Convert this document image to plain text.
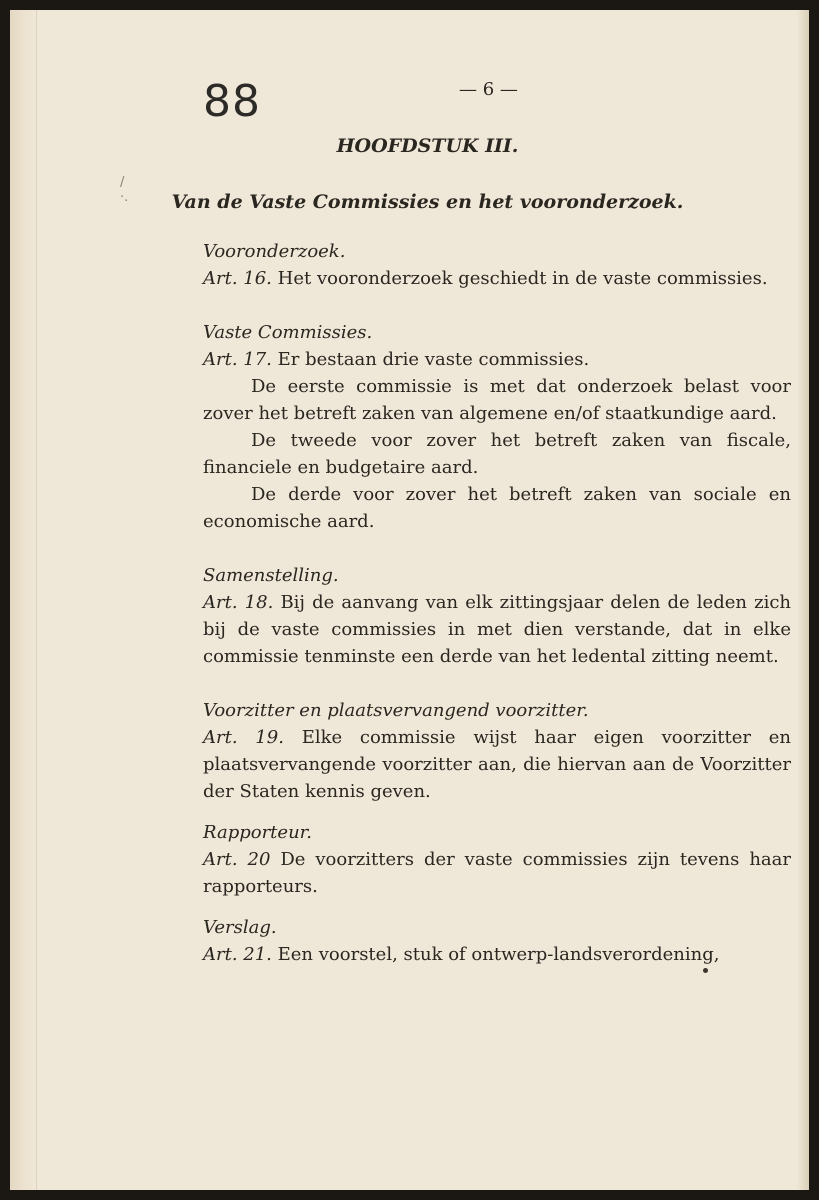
88	— 6 —

HOOFDSTUK III.
Van de Vaste Commissies en het vooronderzoek.
/
·.

Vooronderzoek.

Art. 16. Het vooronderzoek geschiedt in de vaste commissies.

Vaste Commissies.

Art. 17. Er bestaan drie vaste commissies.

De eerste commissie is met dat onderzoek belast voor zover het betreft zaken van algemene en/of staatkundige aard.

De tweede voor zover het betreft zaken van fiscale, financiele en budgetaire aard.

De derde voor zover het betreft zaken van sociale en economische aard.

Samenstelling.

Art. 18. Bij de aanvang van elk zittingsjaar delen de leden zich bij de vaste commissies in met dien verstande, dat in elke commissie tenminste een derde van het ledental zitting neemt.

Voorzitter en plaatsvervangend voorzitter.

Art. 19. Elke commissie wijst haar eigen voorzitter en plaatsvervangende voorzitter aan, die hiervan aan de Voorzitter der Staten kennis geven.

Rapporteur.

Art. 20 De voorzitters der vaste commissies zijn tevens haar rapporteurs.

Verslag.

Art. 21. Een voorstel, stuk of ontwerp-landsverordening,
